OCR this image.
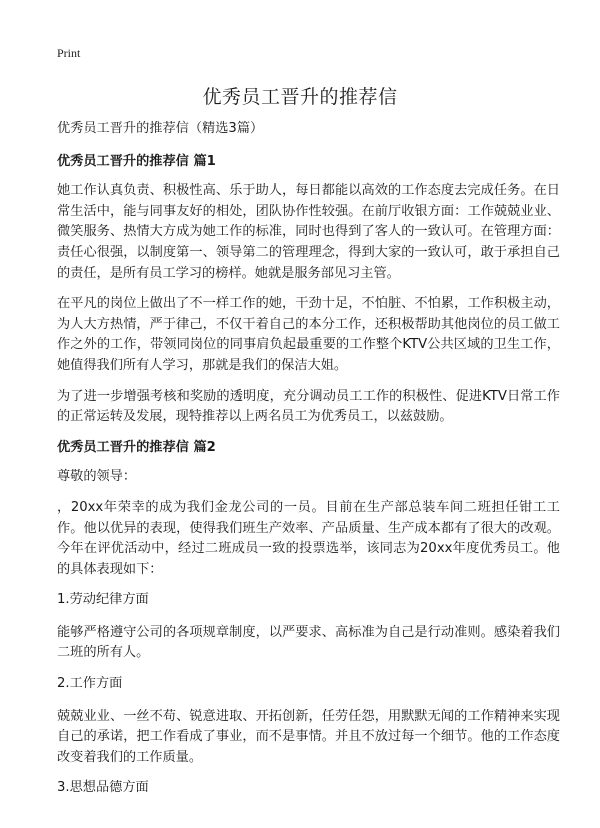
Print
优秀员工晋升的推荐信

优秀员工晋升的推荐信（精选3篇）

优秀员工晋升的推荐信 篇1

她工作认真负责、积极性高、乐于助人，每日都能以高效的工作态度去完成任务。在日常生活中，能与同事友好的相处，团队协作性较强。在前厅收银方面：工作兢兢业业、微笑服务、热情大方成为她工作的标准，同时也得到了客人的一致认可。在管理方面：责任心很强，以制度第一、领导第二的管理理念，得到大家的一致认可，敢于承担自己的责任，是所有员工学习的榜样。她就是服务部见习主管。

在平凡的岗位上做出了不一样工作的她，干劲十足，不怕脏、不怕累，工作积极主动，为人大方热情，严于律己，不仅干着自己的本分工作，还积极帮助其他岗位的员工做工作之外的工作，带领同岗位的同事肩负起最重要的工作整个KTV公共区域的卫生工作，她值得我们所有人学习，那就是我们的保洁大姐。

为了进一步增强考核和奖励的透明度，充分调动员工工作的积极性、促进KTV日常工作的正常运转及发展，现特推荐以上两名员工为优秀员工，以兹鼓励。

优秀员工晋升的推荐信 篇2

尊敬的领导：

，20xx年荣幸的成为我们金龙公司的一员。目前在生产部总装车间二班担任钳工工作。他以优异的表现，使得我们班生产效率、产品质量、生产成本都有了很大的改观。今年在评优活动中，经过二班成员一致的投票选举，该同志为20xx年度优秀员工。他的具体表现如下：

1.劳动纪律方面

能够严格遵守公司的各项规章制度，以严要求、高标准为自己是行动准则。感染着我们二班的所有人。

2.工作方面

兢兢业业、一丝不苟、锐意进取、开拓创新，任劳任怨，用默默无闻的工作精神来实现自己的承诺，把工作看成了事业，而不是事情。并且不放过每一个细节。他的工作态度改变着我们的工作质量。

3.思想品德方面
